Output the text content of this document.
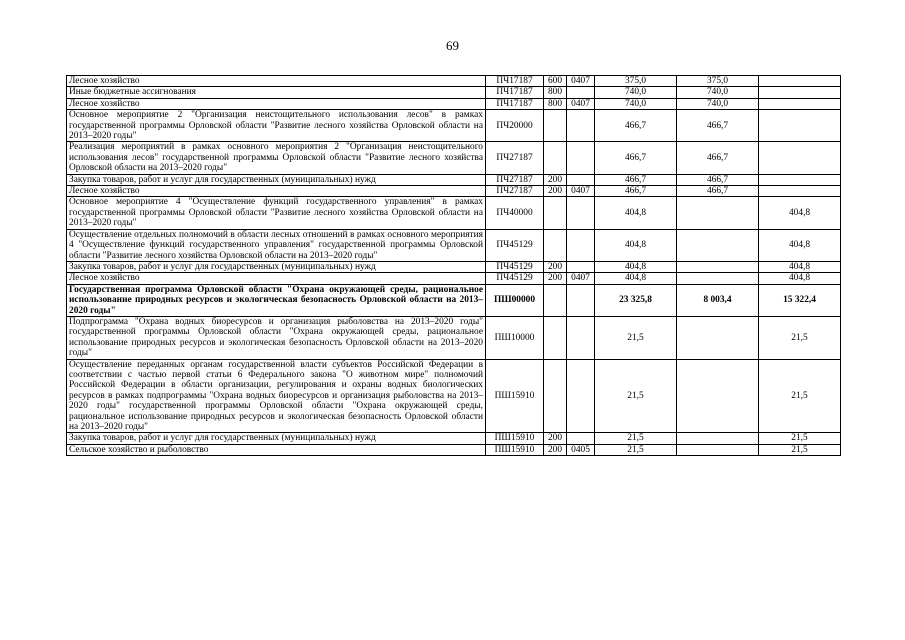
69
Лесное хозяйство	ПЧ17187	600	0407	375,0	375,0	
Иные бюджетные ассигнования	ПЧ17187	800		740,0	740,0	
Лесное хозяйство	ПЧ17187	800	0407	740,0	740,0	
Основное мероприятие 2 "Организация неистощительного использования лесов" в рамках государственной программы Орловской области "Развитие лесного хозяйства Орловской области на 2013–2020 годы"	ПЧ20000			466,7	466,7	
Реализация мероприятий в рамках основного мероприятия 2 "Организация неистощительного использования лесов" государственной программы Орловской области "Развитие лесного хозяйства Орловской области на 2013–2020 годы"	ПЧ27187			466,7	466,7	
Закупка товаров, работ и услуг для государственных (муниципальных) нужд	ПЧ27187	200		466,7	466,7	
Лесное хозяйство	ПЧ27187	200	0407	466,7	466,7	
Основное мероприятие 4 "Осуществление функций государственного управления" в рамках государственной программы Орловской области "Развитие лесного хозяйства Орловской области на 2013–2020 годы"	ПЧ40000			404,8		404,8
Осуществление отдельных полномочий в области лесных отношений в рамках основного мероприятия 4 "Осуществление функций государственного управления" государственной программы Орловской области "Развитие лесного хозяйства Орловской области на 2013–2020 годы"	ПЧ45129			404,8		404,8
Закупка товаров, работ и услуг для государственных (муниципальных) нужд	ПЧ45129	200		404,8		404,8
Лесное хозяйство	ПЧ45129	200	0407	404,8		404,8
Государственная программа Орловской области "Охрана окружающей среды, рациональное использование природных ресурсов и экологическая безопасность Орловской области на 2013–2020 годы"	ПШ00000			23 325,8	8 003,4	15 322,4
Подпрограмма "Охрана водных биоресурсов и организация рыболовства на 2013–2020 годы" государственной программы Орловской области "Охрана окружающей среды, рациональное использование природных ресурсов и экологическая безопасность Орловской области на 2013–2020 годы"	ПШ10000			21,5		21,5
Осуществление переданных органам государственной власти субъектов Российской Федерации в соответствии с частью первой статьи 6 Федерального закона "О животном мире" полномочий Российской Федерации в области организации, регулирования и охраны водных биологических ресурсов в рамках подпрограммы "Охрана водных биоресурсов и организация рыболовства на 2013–2020 годы" государственной программы Орловской области "Охрана окружающей среды, рациональное использование природных ресурсов и экологическая безопасность Орловской области на 2013–2020 годы"	ПШ15910			21,5		21,5
Закупка товаров, работ и услуг для государственных (муниципальных) нужд	ПШ15910	200		21,5		21,5
Сельское хозяйство и рыболовство	ПШ15910	200	0405	21,5		21,5
